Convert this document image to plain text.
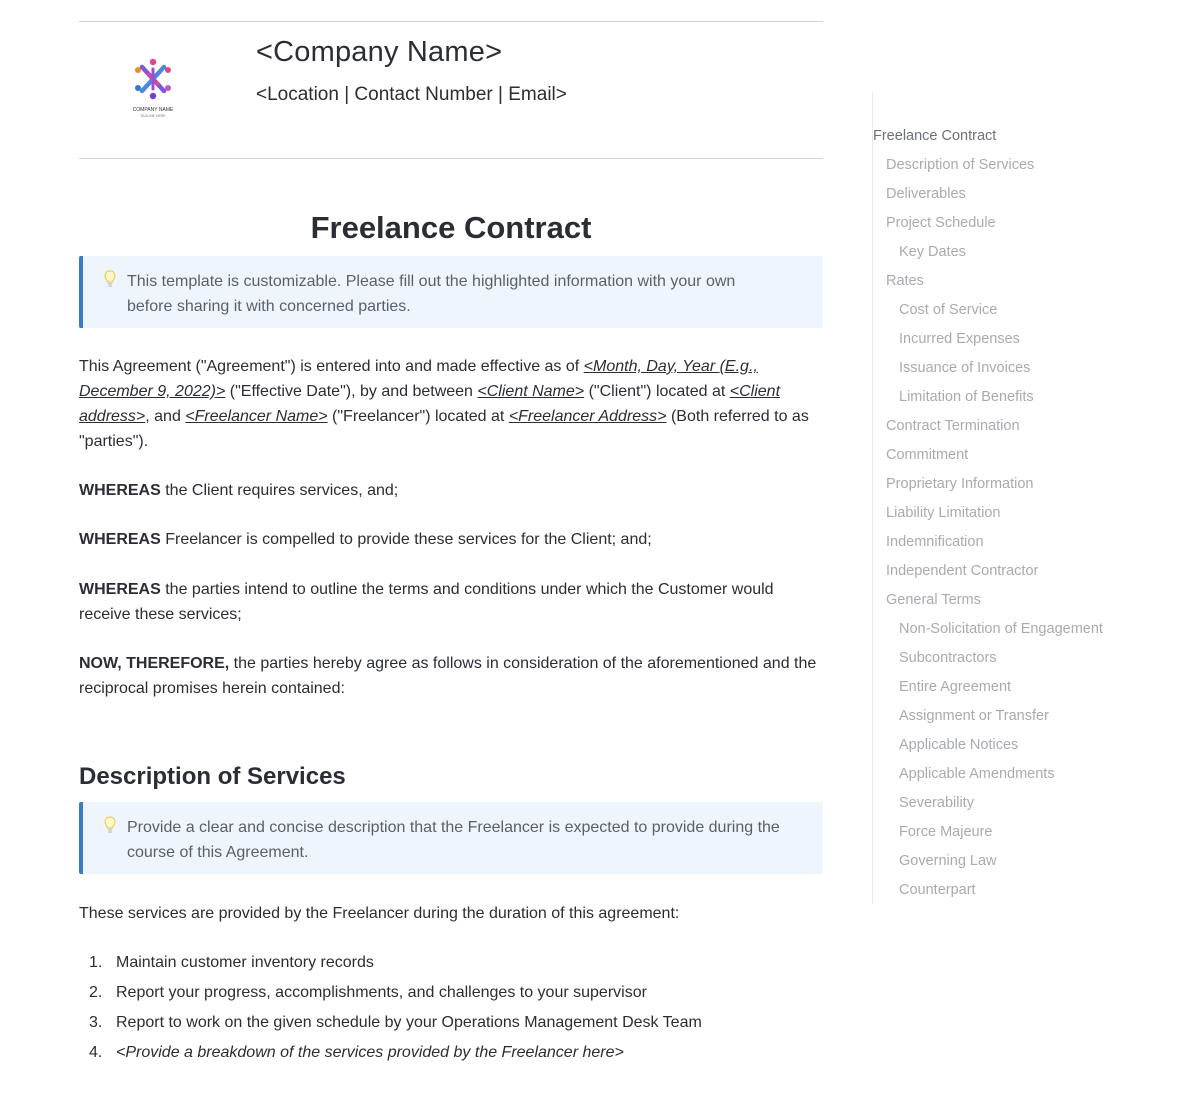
COMPANY NAME
TAGLINE HERE
<Company Name>
<Location | Contact Number | Email>
Freelance Contract
This template is customizable. Please fill out the highlighted information with your own before sharing it with concerned parties.
This Agreement ("Agreement") is entered into and made effective as of <Month, Day, Year (E.g., December 9, 2022)> ("Effective Date"), by and between <Client Name> ("Client") located at <Client address>, and <Freelancer Name> ("Freelancer") located at <Freelancer Address> (Both referred to as "parties").
WHEREAS the Client requires services, and;
WHEREAS Freelancer is compelled to provide these services for the Client; and;
WHEREAS the parties intend to outline the terms and conditions under which the Customer would receive these services;
NOW, THEREFORE, the parties hereby agree as follows in consideration of the aforementioned and the reciprocal promises herein contained:
Description of Services
Provide a clear and concise description that the Freelancer is expected to provide during the course of this Agreement.
These services are provided by the Freelancer during the duration of this agreement:
1. Maintain customer inventory records
2. Report your progress, accomplishments, and challenges to your supervisor
3. Report to work on the given schedule by your Operations Management Desk Team
4. <Provide a breakdown of the services provided by the Freelancer here>
Freelance Contract
Description of Services
Deliverables
Project Schedule
Key Dates
Rates
Cost of Service
Incurred Expenses
Issuance of Invoices
Limitation of Benefits
Contract Termination
Commitment
Proprietary Information
Liability Limitation
Indemnification
Independent Contractor
General Terms
Non-Solicitation of Engagement
Subcontractors
Entire Agreement
Assignment or Transfer
Applicable Notices
Applicable Amendments
Severability
Force Majeure
Governing Law
Counterpart
